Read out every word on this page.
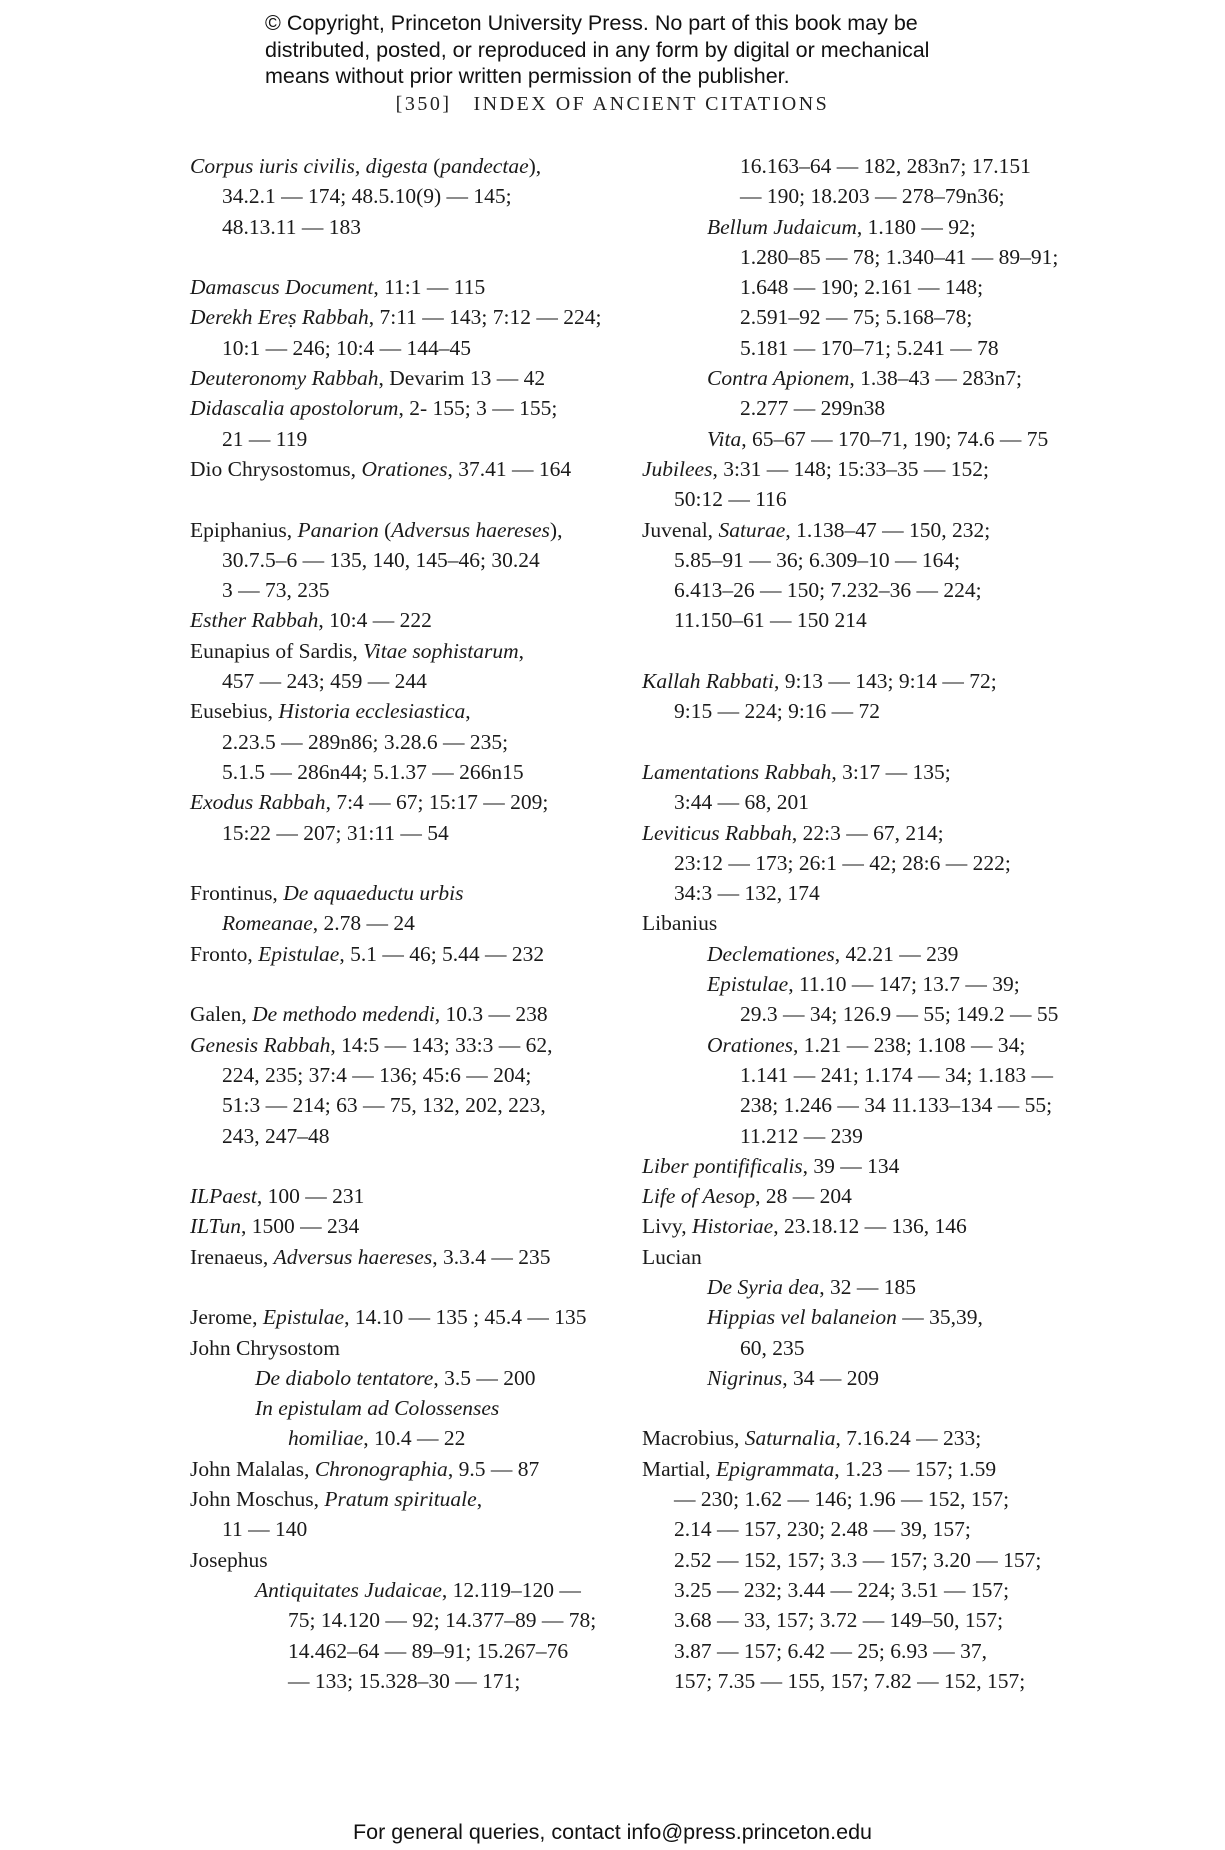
© Copyright, Princeton University Press. No part of this book may be
distributed, posted, or reproduced in any form by digital or mechanical
means without prior written permission of the publisher.
[350] INDEX OF ANCIENT CITATIONS
Corpus iuris civilis, digesta (pandectae),
34.2.1 — 174; 48.5.10(9) — 145;
48.13.11 — 183
Damascus Document, 11:1 — 115
Derekh Ereṣ Rabbah, 7:11 — 143; 7:12 — 224;
10:1 — 246; 10:4 — 144–45
Deuteronomy Rabbah, Devarim 13 — 42
Didascalia apostolorum, 2- 155; 3 — 155;
21 — 119
Dio Chrysostomus, Orationes, 37.41 — 164
Epiphanius, Panarion (Adversus haereses),
30.7.5–6 — 135, 140, 145–46; 30.24
3 — 73, 235
Esther Rabbah, 10:4 — 222
Eunapius of Sardis, Vitae sophistarum,
457 — 243; 459 — 244
Eusebius, Historia ecclesiastica,
2.23.5 — 289n86; 3.28.6 — 235;
5.1.5 — 286n44; 5.1.37 — 266n15
Exodus Rabbah, 7:4 — 67; 15:17 — 209;
15:22 — 207; 31:11 — 54
Frontinus, De aquaeductu urbis
Romeanae, 2.78 — 24
Fronto, Epistulae, 5.1 — 46; 5.44 — 232
Galen, De methodo medendi, 10.3 — 238
Genesis Rabbah, 14:5 — 143; 33:3 — 62,
224, 235; 37:4 — 136; 45:6 — 204;
51:3 — 214; 63 — 75, 132, 202, 223,
243, 247–48
ILPaest, 100 — 231
ILTun, 1500 — 234
Irenaeus, Adversus haereses, 3.3.4 — 235
Jerome, Epistulae, 14.10 — 135 ; 45.4 — 135
John Chrysostom
De diabolo tentatore, 3.5 — 200
In epistulam ad Colossenses
homiliae, 10.4 — 22
John Malalas, Chronographia, 9.5 — 87
John Moschus, Pratum spirituale,
11 — 140
Josephus
Antiquitates Judaicae, 12.119–120 —
75; 14.120 — 92; 14.377–89 — 78;
14.462–64 — 89–91; 15.267–76
— 133; 15.328–30 — 171;
16.163–64 — 182, 283n7; 17.151
— 190; 18.203 — 278–79n36;
Bellum Judaicum, 1.180 — 92;
1.280–85 — 78; 1.340–41 — 89–91;
1.648 — 190; 2.161 — 148;
2.591–92 — 75; 5.168–78;
5.181 — 170–71; 5.241 — 78
Contra Apionem, 1.38–43 — 283n7;
2.277 — 299n38
Vita, 65–67 — 170–71, 190; 74.6 — 75
Jubilees, 3:31 — 148; 15:33–35 — 152;
50:12 — 116
Juvenal, Saturae, 1.138–47 — 150, 232;
5.85–91 — 36; 6.309–10 — 164;
6.413–26 — 150; 7.232–36 — 224;
11.150–61 — 150 214
Kallah Rabbati, 9:13 — 143; 9:14 — 72;
9:15 — 224; 9:16 — 72
Lamentations Rabbah, 3:17 — 135;
3:44 — 68, 201
Leviticus Rabbah, 22:3 — 67, 214;
23:12 — 173; 26:1 — 42; 28:6 — 222;
34:3 — 132, 174
Libanius
Declemationes, 42.21 — 239
Epistulae, 11.10 — 147; 13.7 — 39;
29.3 — 34; 126.9 — 55; 149.2 — 55
Orationes, 1.21 — 238; 1.108 — 34;
1.141 — 241; 1.174 — 34; 1.183 —
238; 1.246 — 34 11.133–134 — 55;
11.212 — 239
Liber pontifificalis, 39 — 134
Life of Aesop, 28 — 204
Livy, Historiae, 23.18.12 — 136, 146
Lucian
De Syria dea, 32 — 185
Hippias vel balaneion — 35,39,
60, 235
Nigrinus, 34 — 209
Macrobius, Saturnalia, 7.16.24 — 233;
Martial, Epigrammata, 1.23 — 157; 1.59
— 230; 1.62 — 146; 1.96 — 152, 157;
2.14 — 157, 230; 2.48 — 39, 157;
2.52 — 152, 157; 3.3 — 157; 3.20 — 157;
3.25 — 232; 3.44 — 224; 3.51 — 157;
3.68 — 33, 157; 3.72 — 149–50, 157;
3.87 — 157; 6.42 — 25; 6.93 — 37,
157; 7.35 — 155, 157; 7.82 — 152, 157;
For general queries, contact info@press.princeton.edu
